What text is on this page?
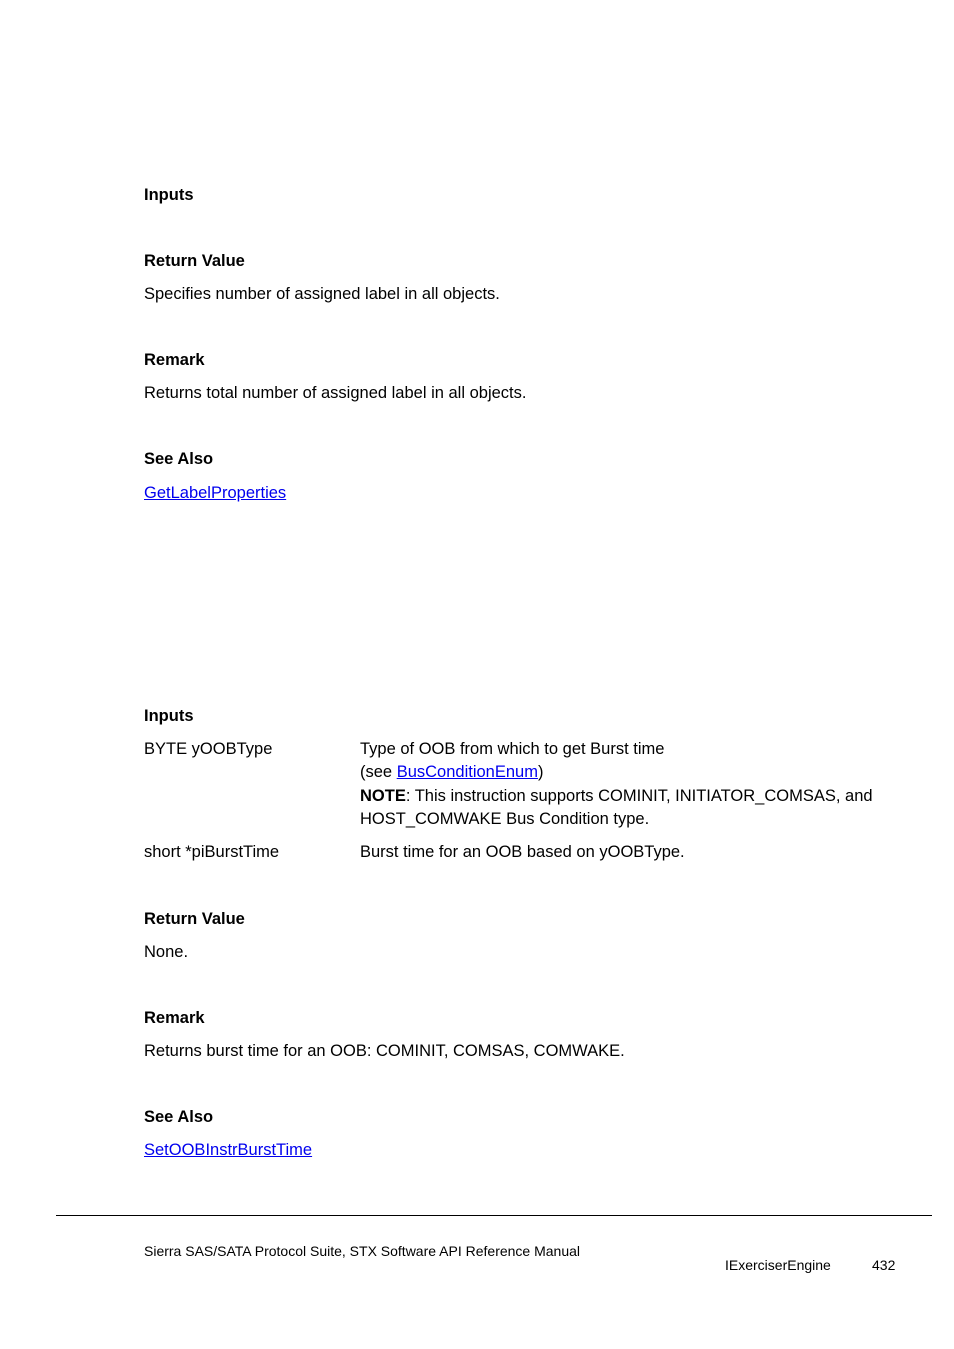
Inputs
Return Value
Specifies number of assigned label in all objects.
Remark
Returns total number of assigned label in all objects.
See Also
GetLabelProperties
Inputs
BYTE yOOBType	Type of OOB from which to get Burst time
(see BusConditionEnum)
NOTE: This instruction supports COMINIT, INITIATOR_COMSAS, and
HOST_COMWAKE Bus Condition type.
short *piBurstTime	Burst time for an OOB based on yOOBType.
Return Value
None.
Remark
Returns burst time for an OOB: COMINIT, COMSAS, COMWAKE.
See Also
SetOOBInstrBurstTime
Sierra SAS/SATA Protocol Suite, STX Software API Reference Manual
IExerciserEngine	432
